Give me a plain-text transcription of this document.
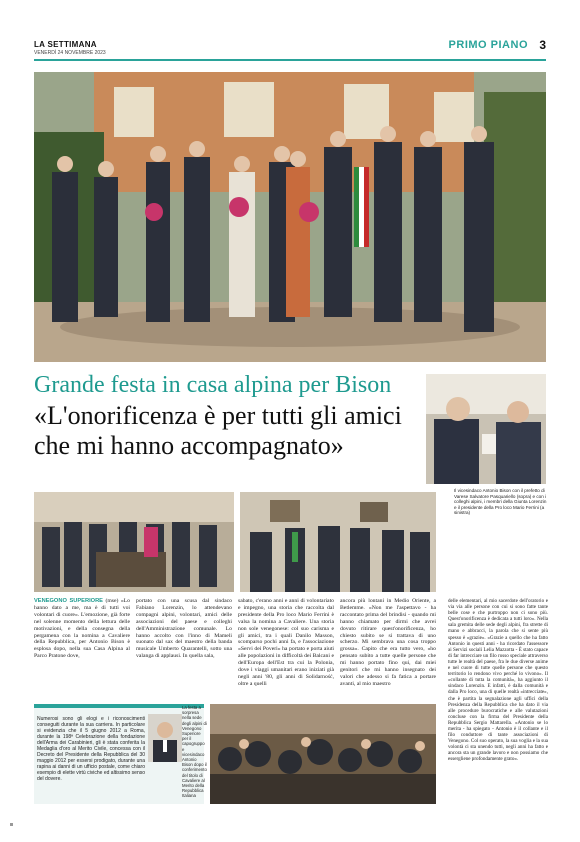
LA SETTIMANA
VENERDÌ 24 NOVEMBRE 2023
PRIMO PIANO 3
Grande festa in casa alpina per Bison
«L'onorificenza è per tutti gli amici che mi hanno accompagnato»
Il vicesindaco Antonio Bison con il prefetto di Varese Salvatore Pasquariello (sopra) e con i colleghi alpini, i membri della Giunta Lorenzin e il presidente della Pro loco Mario Ferrini (a sinistra)
VENEGONO SUPERIORE (mse) «Lo hanno dato a me, ma è di tutti voi volontari di cuore». L'emozione, già forte nel solenne momento della lettura delle motivazioni, e della consegna della pergamena con la nomina a Cavaliere della Repubblica, per Antonio Bison è esplosa dopo, nella sua Casa Alpina al Parco Pratone dove,
portato con una scusa dal sindaco Fabiano Lorenzin, lo attendevano compagni alpini, volontari, amici delle associazioni del paese e colleghi dell'Amministrazione comunale. Lo hanno accolto con l'inno di Mameli suonato dal sax del maestro della banda musicale Umberto Quarantelli, sotto una valanga di applausi. In quella sala,
sabato, c'erano anni e anni di volontariato e impegno, una storia che raccolta dal presidente della Pro loco Mario Ferrini è valsa la nomina a Cavaliere. Una storia non sole venegonese: col suo carisma e gli amici, tra i quali Danilo Masson, scomparso pochi anni fa, e l'associazione «Servi dei Poveri» ha portato e porta aiuti alle popolazioni in difficoltà dei Balcani e dell'Europa dell'Est tra cui la Polonia, dove i viaggi umanitari erano iniziati già negli anni '80, gli anni di Solidarność, oltre a quelli
ancora più lontani in Medio Oriente, a Betlemme. «Non me l'aspettavo - ha raccontato prima del brindisi - quando mi hanno chiamato per dirmi che avrei dovuto ritirare quest'onorificenza, ho chiesto subito se si trattava di uno scherzo. Mi sembrava una cosa troppo grossa». Capito che era tutto vero, «ho pensato subito a tutte quelle persone che mi hanno portato fino qui, dai miei genitori che mi hanno insegnato dei valori che adesso si fa fatica a portare avanti, al mio maestro
delle elementari, al mio sacerdote dell'oratorio e via via alle persone con cui si sono fatte tante belle cose e che purtroppo non ci sono più. Quest'onorificenza è dedicata a tutti loro». Nella sala gremita delle sede degli alpini, fra strette di mano e abbracci, la parola che si sente più spesso è «grazie». «Grazie a quello che ha fatto Antonio in questi anni - ha ricordato l'assessore ai Servizi sociali Lelia Mazzotta - È stato capace di far intrecciare un filo rosso speciale attraverso tutte le realtà del paese, fra le due diverse anime e nel cuore di tutte quelle persone che questo territorio lo rendono vivo perché lo vivono». Il «collante di tutta la comunità», ha aggiunto il sindaco Lorenzin. E infatti, è dalla comunità e dalla Pro loco, una di quelle realtà «intrecciate», che è partita la segnalazione agli uffici della Presidenza della Repubblica che ha dato il via alle procedure burocratiche e alle valutazioni concluse con la firma del Presidente della Repubblica Sergio Mattarella. «Antonio se lo merita - ha spiegato - Antonio è il collante e il filo conduttore di tante associazioni di Venegono. Col suo operato, la sua voglia e la sua volontà ci sta unendo tutti, negli anni ha fatto e ancora sta un grande lavoro e non possiamo che essergliene profondamente grato».
Numerosi sono gli elogi e i riconoscimenti conseguiti durante la sua carriera. In particolare si evidenzia che il 5 giugno 2012 a Roma, durante la 198ª Celebrazione della fondazione dell'Arma dei Carabinieri, gli è stata conferita la Medaglia d'oro al Merito Civile, concessa con il Decreto del Presidente della Repubblica del 30 maggio 2012 per essersi prodigato, durante una rapina ai danni di un ufficio postale, come chiaro esempio di elette virtù civiche ed altissimo senso del dovere.
La festa a sorpresa nella sede degli alpini di Venegono Superiore per il capogruppo e vicesindaco Antonio Bison dopo il conferimento del titolo di Cavaliere al Merito della Repubblica Italiana
